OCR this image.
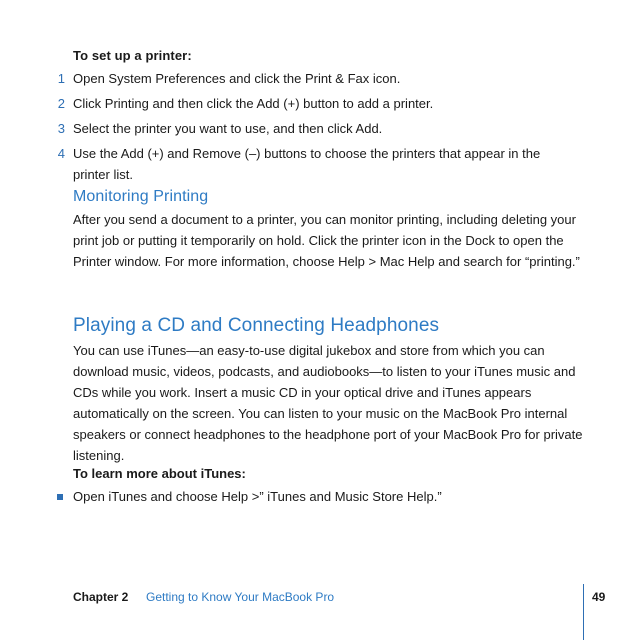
To set up a printer:
1 Open System Preferences and click the Print & Fax icon.
2 Click Printing and then click the Add (+) button to add a printer.
3 Select the printer you want to use, and then click Add.
4 Use the Add (+) and Remove (–) buttons to choose the printers that appear in the printer list.
Monitoring Printing
After you send a document to a printer, you can monitor printing, including deleting your print job or putting it temporarily on hold. Click the printer icon in the Dock to open the Printer window. For more information, choose Help > Mac Help and search for “printing.”
Playing a CD and Connecting Headphones
You can use iTunes—an easy-to-use digital jukebox and store from which you can download music, videos, podcasts, and audiobooks—to listen to your iTunes music and CDs while you work. Insert a music CD in your optical drive and iTunes appears automatically on the screen. You can listen to your music on the MacBook Pro internal speakers or connect headphones to the headphone port of your MacBook Pro for private listening.
To learn more about iTunes:
Open iTunes and choose Help >” iTunes and Music Store Help.”
Chapter 2 Getting to Know Your MacBook Pro	49
